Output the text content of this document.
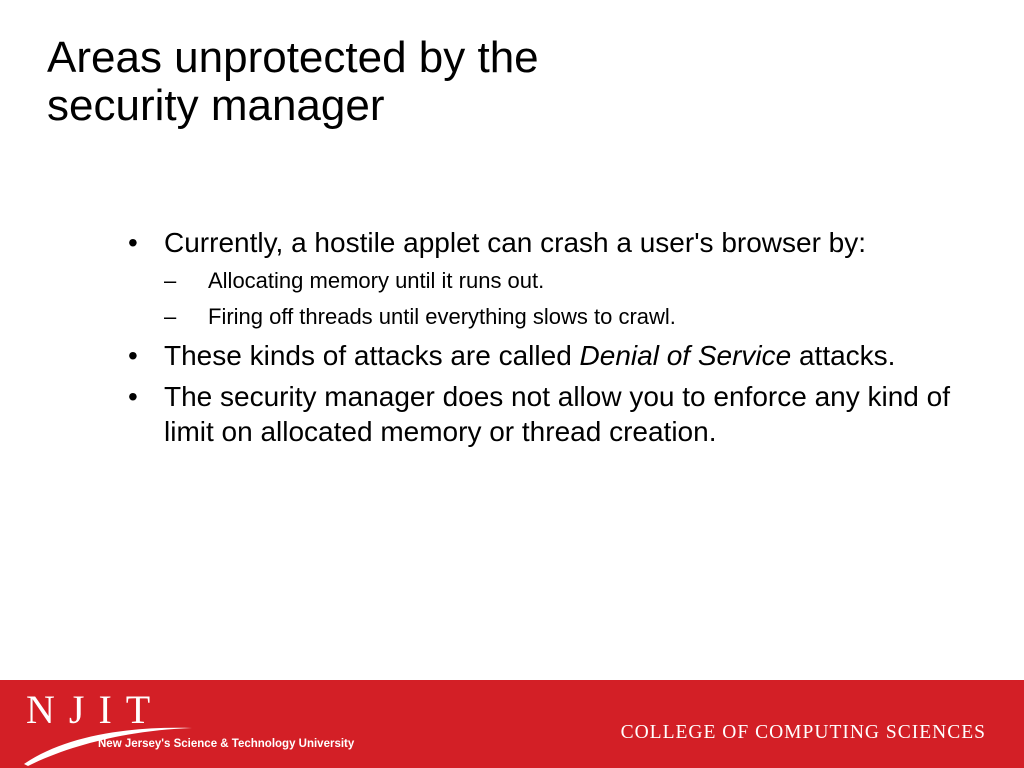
Areas unprotected by the
security manager

• Currently, a hostile applet can crash a user's browser by:

– Allocating memory until it runs out.

– Firing off threads until everything slows to crawl.

• These kinds of attacks are called Denial of Service attacks.

• The security manager does not allow you to enforce any kind of limit on allocated memory or thread creation.

NJIT
New Jersey's Science & Technology University
COLLEGE OF COMPUTING SCIENCES
